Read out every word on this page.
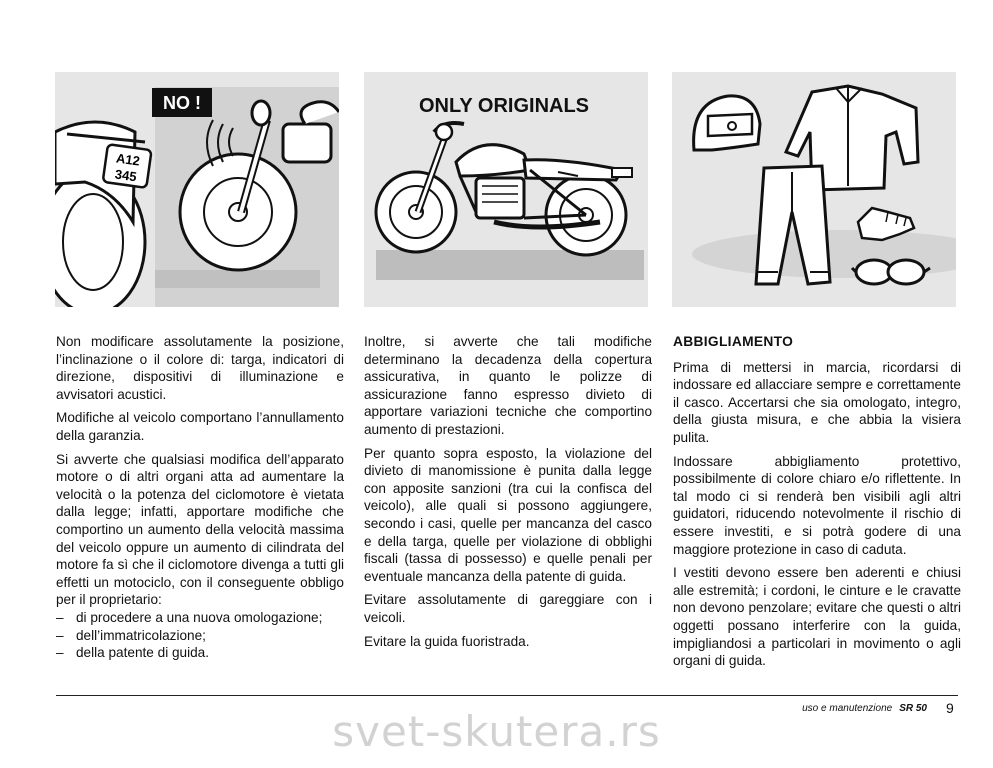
A12
345
NO !	ONLY ORIGINALS

Non modificare assolutamente la posizione, l’inclinazione o il colore di: targa, indicatori di direzione, dispositivi di illuminazione e avvisatori acustici.

Modifiche al veicolo comportano l’annullamento della garanzia.

Si avverte che qualsiasi modifica dell’apparato motore o di altri organi atta ad aumentare la velocità o la potenza del ciclomotore è vietata dalla legge; infatti, apportare modifiche che comportino un aumento della velocità massima del veicolo oppure un aumento di cilindrata del motore fa sì che il ciclomotore divenga a tutti gli effetti un motociclo, con il conseguente obbligo per il proprietario:

– di procedere a una nuova omologazione;
– dell’immatricolazione;
– della patente di guida.

Inoltre, si avverte che tali modifiche determinano la decadenza della copertura assicurativa, in quanto le polizze di assicurazione fanno espresso divieto di apportare variazioni tecniche che comportino aumento di prestazioni.

Per quanto sopra esposto, la violazione del divieto di manomissione è punita dalla legge con apposite sanzioni (tra cui la confisca del veicolo), alle quali si possono aggiungere, secondo i casi, quelle per mancanza del casco e della targa, quelle per violazione di obblighi fiscali (tassa di possesso) e quelle penali per eventuale mancanza della patente di guida.

Evitare assolutamente di gareggiare con i veicoli.

Evitare la guida fuoristrada.

ABBIGLIAMENTO

Prima di mettersi in marcia, ricordarsi di indossare ed allacciare sempre e correttamente il casco. Accertarsi che sia omologato, integro, della giusta misura, e che abbia la visiera pulita.

Indossare abbigliamento protettivo, possibilmente di colore chiaro e/o riflettente. In tal modo ci si renderà ben visibili agli altri guidatori, riducendo notevolmente il rischio di essere investiti, e si potrà godere di una maggiore protezione in caso di caduta.

I vestiti devono essere ben aderenti e chiusi alle estremità; i cordoni, le cinture e le cravatte non devono penzolare; evitare che questi o altri oggetti possano interferire con la guida, impigliandosi a particolari in movimento o agli organi di guida.

uso e manutenzione SR 50 9
svet-skutera.rs
